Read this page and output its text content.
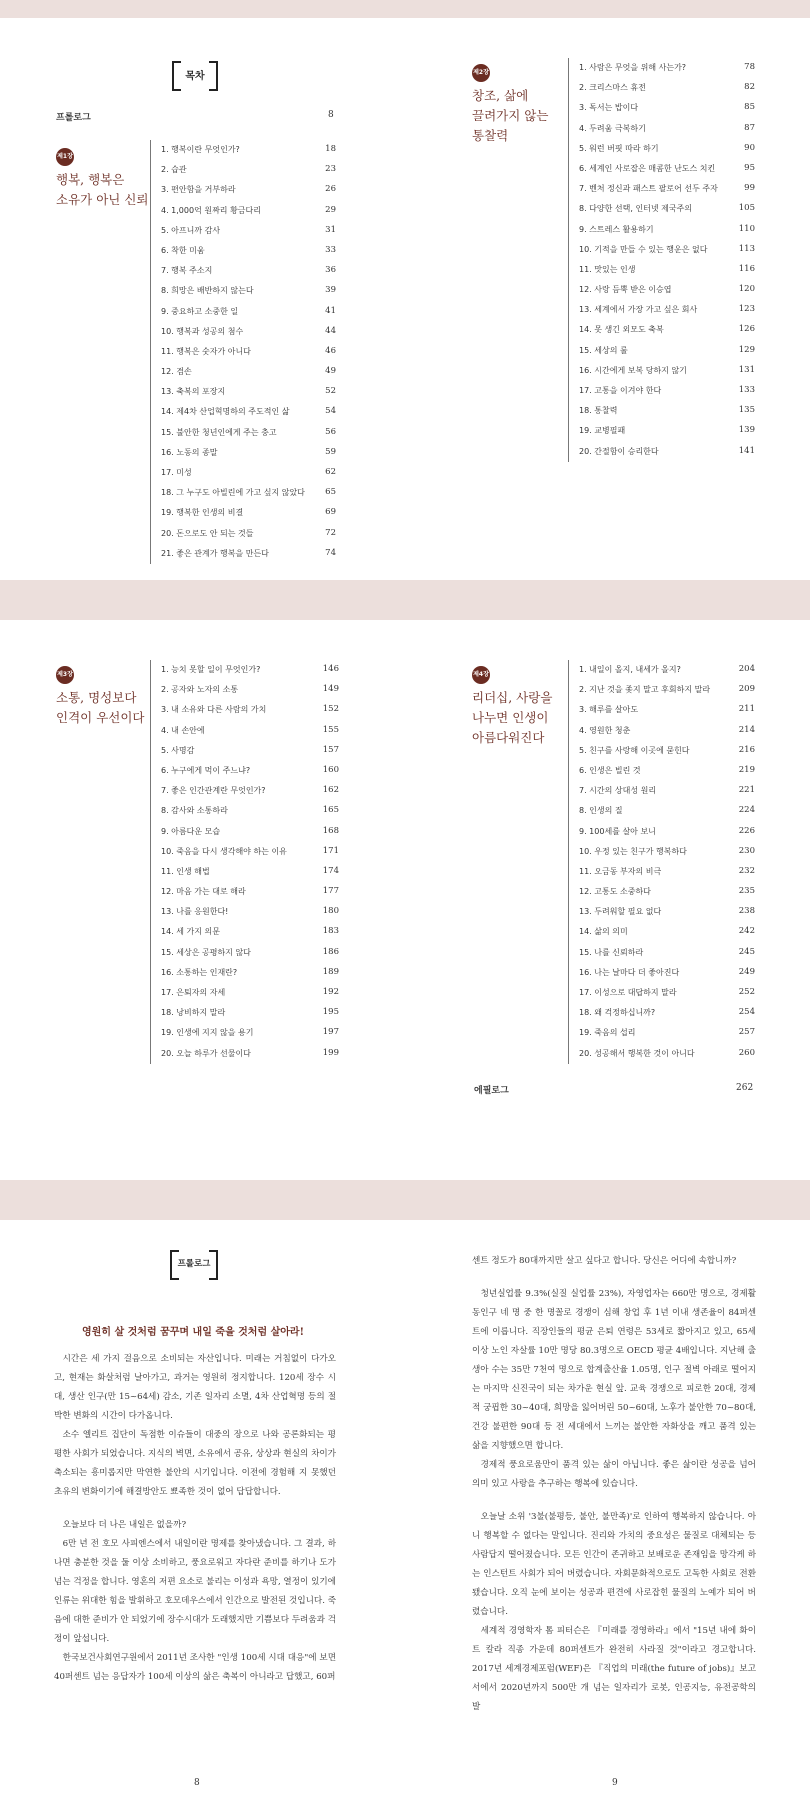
목차
프롤로그	8
제1장
행복, 행복은
소유가 아닌 신뢰
1. 행복이란 무엇인가?	18
2. 습관	23
3. 편안함을 거부하라	26
4. 1,000억 원짜리 황금다리	29
5. 아프니까 감사	31
6. 착한 미움	33
7. 행복 주소지	36
8. 희망은 배반하지 않는다	39
9. 중요하고 소중한 일	41
10. 행복과 성공의 첨수	44
11. 행복은 숫자가 아니다	46
12. 겸손	49
13. 축복의 포장지	52
14. 제4차 산업혁명하의 주도적인 삶	54
15. 불안한 청년인에게 주는 충고	56
16. 노동의 종말	59
17. 미성	62
18. 그 누구도 아빌린에 가고 싶지 않았다 65
19. 행복한 인생의 비결	69
20. 돈으로도 안 되는 것들	72
21. 좋은 관계가 행복을 만든다	74
제2장
창조, 삶에
끌려가지 않는
통찰력
1. 사람은 무엇을 위해 사는가?	78
2. 크리스마스 휴전	82
3. 독서는 밥이다	85
4. 두려움 극복하기	87
5. 워런 버핏 따라 하기	90
6. 세계인 사로잡은 매콤한 난도스 치킨	95
7. 벤처 정신과 패스트 팔로어 선두 주자	99
8. 다양한 선택, 인터넷 제국주의	105
9. 스트레스 활용하기	110
10. 기적을 만들 수 있는 행운은 없다	113
11. 맛있는 인생	116
12. 사랑 듬뿍 받은 이승엽	120
13. 세계에서 가장 가고 싶은 회사	123
14. 못 생긴 외모도 축복	126
15. 세상의 룰	129
16. 시간에게 보복 당하지 않기	131
17. 고통을 이겨야 한다	133
18. 통찰력	135
19. 교병필패	139
20. 간절함이 승리한다	141
제3장
소통, 명성보다
인격이 우선이다
1. 능치 못할 일이 무엇인가?	146
2. 공자와 노자의 소통	149
3. 내 소유와 다른 사람의 가치	152
4. 내 손안에	155
5. 사명감	157
6. 누구에게 먹이 주느냐?	160
7. 좋은 인간관계란 무엇인가?	162
8. 감사와 소통하라	165
9. 아름다운 모습	168
10. 죽음을 다시 생각해야 하는 이유	171
11. 인생 해법	174
12. 마음 가는 대로 해라	177
13. 나를 응원한다!	180
14. 세 가지 의문	183
15. 세상은 공평하지 않다	186
16. 소통하는 인재란?	189
17. 은퇴자의 자세	192
18. 낭비하지 말라	195
19. 인생에 지지 않을 용기	197
20. 오늘 하루가 선물이다	199
제4장
리더십, 사랑을
나누면 인생이
아름다워진다
1. 내일이 올지, 내세가 올지?	204
2. 지난 것을 좇지 말고 후회하지 말라	209
3. 해루를 살아도	211
4. 영원한 청춘	214
5. 친구를 사랑해 이곳에 묻힌다	216
6. 인생은 빌린 것	219
7. 시간의 상대성 원리	221
8. 인생의 질	224
9. 100세를 살아 보니	226
10. 우정 있는 친구가 행복하다	230
11. 오금동 부자의 비극	232
12. 고통도 소중하다	235
13. 두려워할 필요 없다	238
14. 삶의 의미	242
15. 나를 신뢰하라	245
16. 나는 날마다 더 좋아진다	249
17. 이성으로 대답하지 말라	252
18. 왜 걱정하십니까?	254
19. 죽음의 섭리	257
20. 성공해서 행복한 것이 아니다	260
에필로그	262
프롤로그
영원히 살 것처럼 꿈꾸며 내일 죽을 것처럼 살아라!

시간은 세 가지 걸음으로 소비되는 자산입니다. 미래는 거침없이 다가오고, 현재는 화살처럼 날아가고, 과거는 영원히 정지합니다. 120세 장수 시대, 생산 인구(만 15~64세) 감소, 기존 일자리 소멸, 4차 산업혁명 등의 절박한 변화의 시간이 다가옵니다.

소수 엘리트 집단이 독점한 이슈들이 대중의 장으로 나와 공론화되는 평평한 사회가 되었습니다. 지식의 벽면, 소유에서 공유, 상상과 현실의 차이가 축소되는 흥미롭지만 막연한 불안의 시기입니다. 이전에 경험해 지 못했던 초유의 변화이기에 해결방안도 뾰족한 것이 없어 답답합니다.

오늘보다 더 나은 내일은 없을까?

6만 년 전 호모 사피엔스에서 내일이란 명제를 찾아냈습니다. 그 결과, 하나면 충분한 것을 둘 이상 소비하고, 풍요로워고 자다란 준비를 하기나 도가 넘는 걱정을 합니다. 영혼의 저편 요소로 불리는 이성과 욕망, 열정이 있기에 인류는 위대한 힘을 발휘하고 호모데우스에서 인간으로 발전된 것입니다. 죽음에 대한 준비가 안 되었기에 장수시대가 도래했지만 기쁨보다 두려움과 걱정이 앞섭니다.

한국보건사회연구원에서 2011년 조사한 "인생 100세 시대 대응"에 보면 40퍼센트 넘는 응답자가 100세 이상의 삶은 축복이 아니라고 답했고, 60퍼

센트 정도가 80대까지만 살고 싶다고 합니다. 당신은 어디에 속합니까?

청년실업률 9.3%(실질 실업률 23%), 자영업자는 660만 명으로, 경제활동인구 네 명 중 한 명꼴로 경쟁이 심해 창업 후 1년 이내 생존율이 84퍼센트에 이릅니다. 직장인들의 평균 은퇴 연령은 53세로 짧아지고 있고, 65세 이상 노인 자살률 10만 명당 80.3명으로 OECD 평균 4배입니다. 지난해 출생아 수는 35만 7천여 명으로 합계출산율 1.05명, 인구 절벽 아래로 떨어지는 마지막 신진국이 되는 차가운 현실 앞. 교육 경쟁으로 피로한 20대, 경제적 궁핍한 30~40대, 희망을 잃어버린 50~60대, 노후가 불안한 70~80대, 건강 불편한 90대 등 전 세대에서 느끼는 불안한 자화상을 깨고 품격 있는 삶을 지향했으면 합니다.

경제적 풍요로움만이 품격 있는 삶이 아닙니다. 좋은 삶이란 성공을 넘어 의미 있고 사랑을 추구하는 행복에 있습니다.

오늘날 소위 '3불(불평등, 불안, 불만족)'로 인하여 행복하지 않습니다. 아니 행복할 수 없다는 말입니다. 진리와 가치의 중요성은 물질로 대체되는 등 사람답지 떨어졌습니다. 모든 인간이 존귀하고 보배로운 존재임을 망각케 하는 인스턴트 사회가 되어 버렸습니다. 자회문화적으로도 고독한 사회로 전환됐습니다. 오직 눈에 보이는 성공과 편견에 사로잡힌 물질의 노예가 되어 버렸습니다.

세계적 경영학자 톰 피터슨은 『미래를 경영하라』에서 "15년 내에 화이트 칼라 직종 가운데 80퍼센트가 완전히 사라질 것"이라고 경고합니다. 2017년 세계경제포럼(WEF)은 『직업의 미래(the future of jobs)』보고서에서 2020년까지 500만 개 넘는 일자리가 로봇, 인공지능, 유전공학의 발

8	9
